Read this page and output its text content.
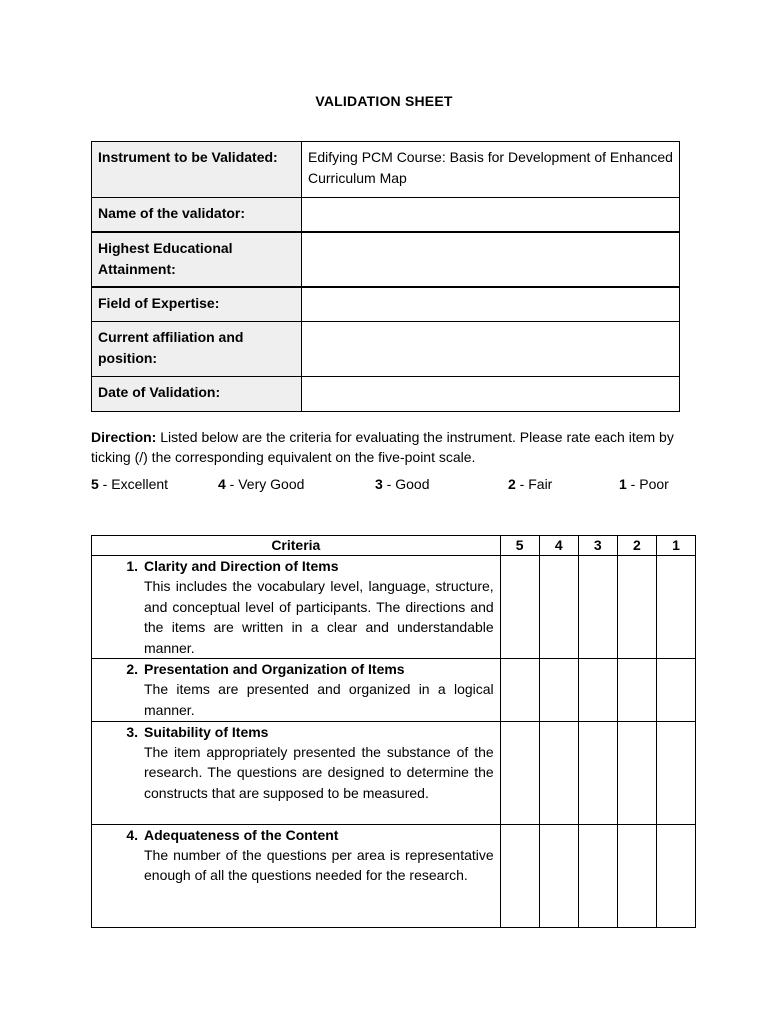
VALIDATION SHEET
Instrument to be Validated:	Edifying PCM Course: Basis for Development of Enhanced Curriculum Map
Name of the validator:
Highest Educational Attainment:
Field of Expertise:
Current affiliation and position:
Date of Validation:
Direction: Listed below are the criteria for evaluating the instrument. Please rate each item by ticking (/) the corresponding equivalent on the five-point scale.
5 - Excellent	4 - Very Good	3 - Good	2 - Fair	1 - Poor
Criteria	5	4	3	2	1

1. Clarity and Direction of Items
This includes the vocabulary level, language, structure, and conceptual level of participants. The directions and the items are written in a clear and understandable manner.					

2. Presentation and Organization of Items
The items are presented and organized in a logical manner.					

3. Suitability of Items
The item appropriately presented the substance of the research. The questions are designed to determine the constructs that are supposed to be measured.					

4. Adequateness of the Content
The number of the questions per area is representative enough of all the questions needed for the research.					
